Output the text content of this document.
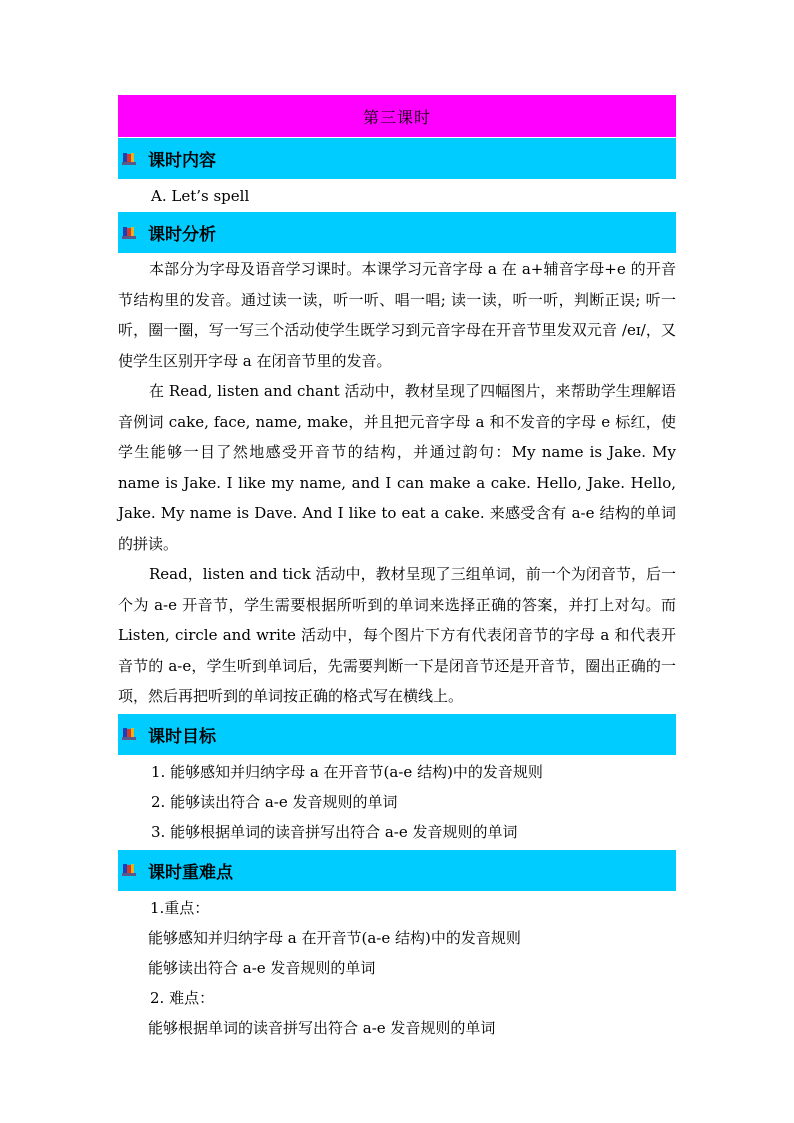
第三课时
课时内容
A. Let’s spell
课时分析

本部分为字母及语音学习课时。本课学习元音字母 a 在 a+辅音字母+e 的开音节结构里的发音。通过读一读，听一听、唱一唱; 读一读，听一听，判断正误; 听一听，圈一圈，写一写三个活动使学生既学习到元音字母在开音节里发双元音 /eɪ/，又使学生区别开字母 a 在闭音节里的发音。

在 Read, listen and chant 活动中，教材呈现了四幅图片，来帮助学生理解语音例词 cake, face, name, make，并且把元音字母 a 和不发音的字母 e 标红，使学生能够一目了然地感受开音节的结构，并通过韵句：My name is Jake. My name is Jake. I like my name, and I can make a cake. Hello, Jake. Hello, Jake. My name is Dave. And I like to eat a cake. 来感受含有 a-e 结构的单词的拼读。

Read，listen and tick 活动中，教材呈现了三组单词，前一个为闭音节，后一个为 a-e 开音节，学生需要根据所听到的单词来选择正确的答案，并打上对勾。而 Listen, circle and write 活动中，每个图片下方有代表闭音节的字母 a 和代表开音节的 a-e，学生听到单词后，先需要判断一下是闭音节还是开音节，圈出正确的一项，然后再把听到的单词按正确的格式写在横线上。

课时目标
1. 能够感知并归纳字母 a 在开音节(a-e 结构)中的发音规则
2. 能够读出符合 a-e 发音规则的单词
3. 能够根据单词的读音拼写出符合 a-e 发音规则的单词
课时重难点
1.重点：
能够感知并归纳字母 a 在开音节(a-e 结构)中的发音规则
能够读出符合 a-e 发音规则的单词
2. 难点：
能够根据单词的读音拼写出符合 a-e 发音规则的单词
